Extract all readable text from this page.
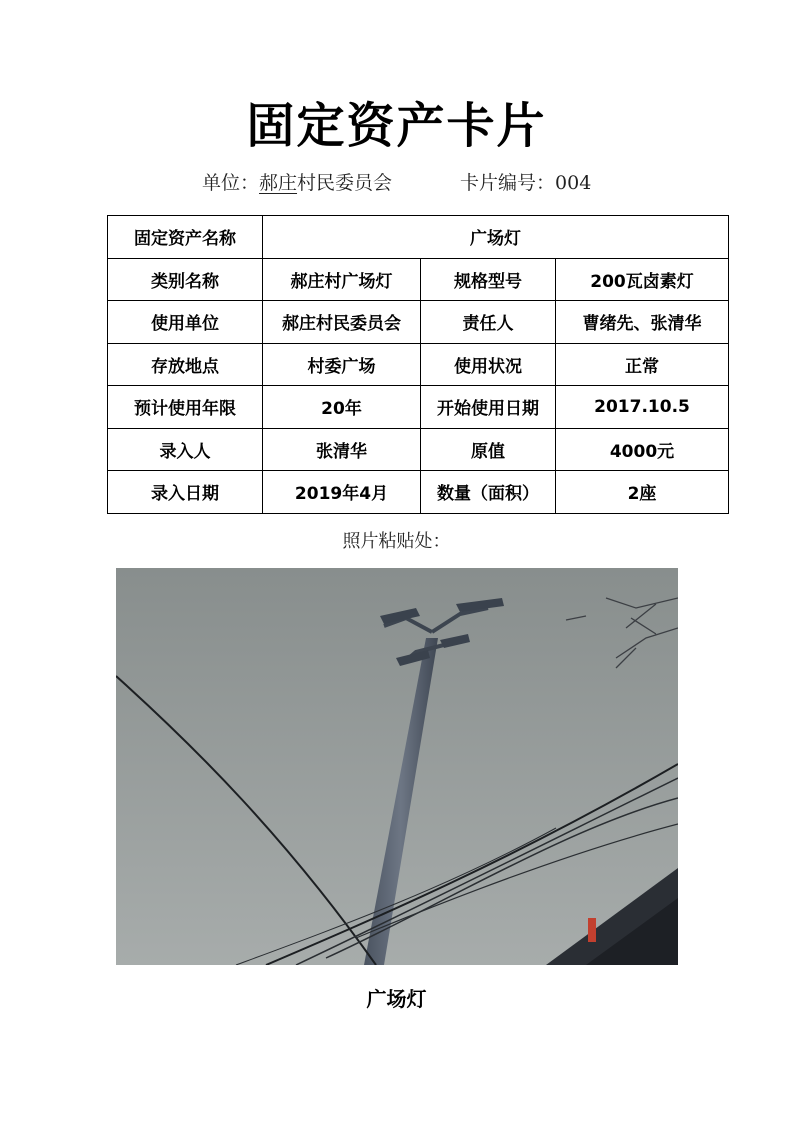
固定资产卡片
单位：郝庄村民委员会	卡片编号：004
固定资产名称	广场灯		
类别名称	郝庄村广场灯	规格型号	200瓦卤素灯
使用单位	郝庄村民委员会	责任人	曹绪先、张清华
存放地点	村委广场	使用状况	正常
预计使用年限	20年	开始使用日期	2017.10.5
录入人	张清华	原值	4000元
录入日期	2019年4月	数量（面积）	2座
照片粘贴处：
广场灯
